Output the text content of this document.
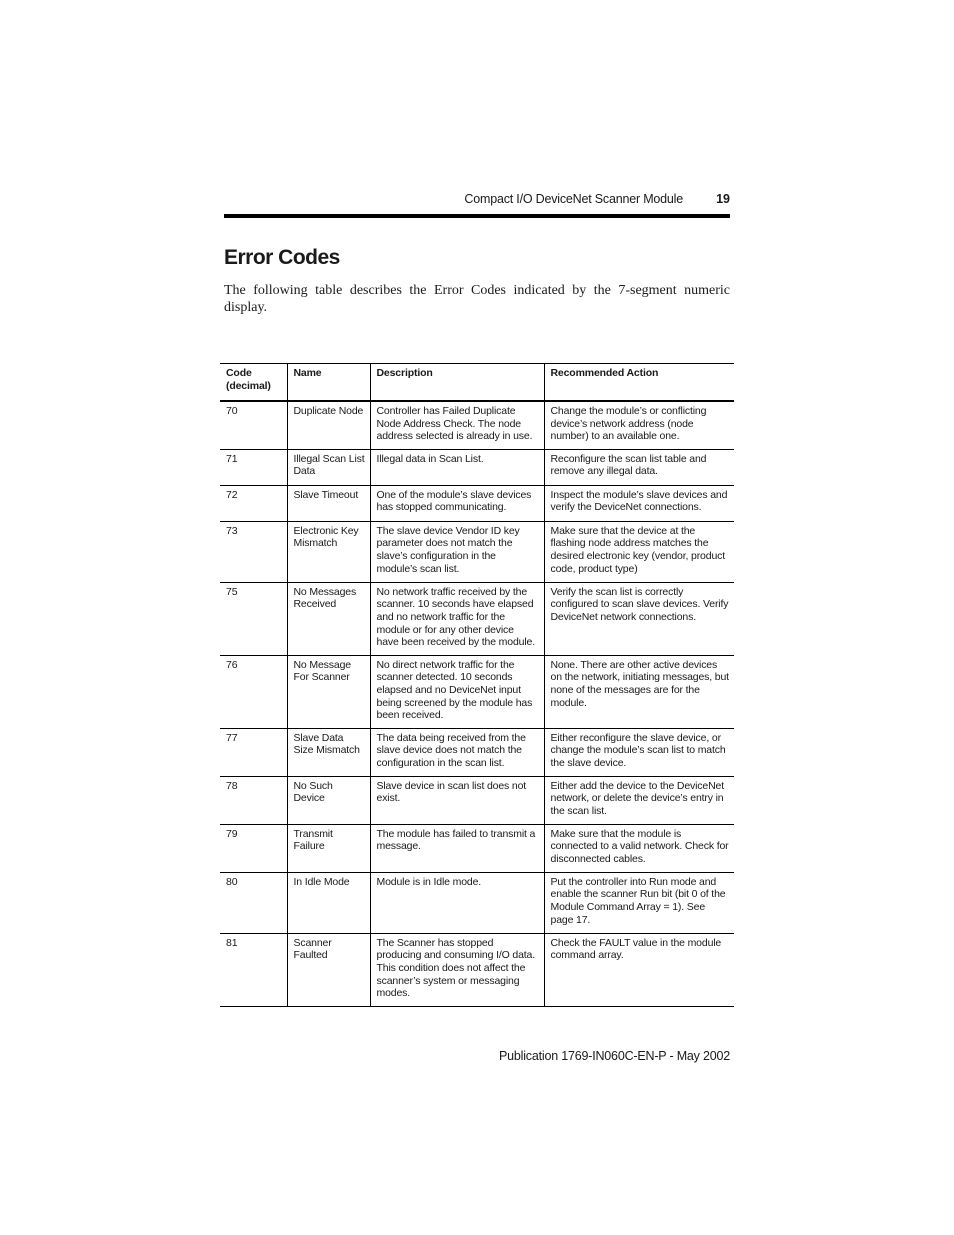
Compact I/O DeviceNet Scanner Module	19
Error Codes

The following table describes the Error Codes indicated by the 7-segment numeric display.

Code (decimal)	Name	Description	Recommended Action
70	Duplicate Node	Controller has Failed Duplicate Node Address Check. The node address selected is already in use.	Change the module’s or conflicting device’s network address (node number) to an available one.
71	Illegal Scan List Data	Illegal data in Scan List.	Reconfigure the scan list table and remove any illegal data.
72	Slave Timeout	One of the module’s slave devices has stopped communicating.	Inspect the module’s slave devices and verify the DeviceNet connections.
73	Electronic Key Mismatch	The slave device Vendor ID key parameter does not match the slave’s configuration in the module’s scan list.	Make sure that the device at the flashing node address matches the desired electronic key (vendor, product code, product type)
75	No Messages Received	No network traffic received by the scanner. 10 seconds have elapsed and no network traffic for the module or for any other device have been received by the module.	Verify the scan list is correctly configured to scan slave devices. Verify DeviceNet network connections.
76	No Message For Scanner	No direct network traffic for the scanner detected. 10 seconds elapsed and no DeviceNet input being screened by the module has been received.	None. There are other active devices on the network, initiating messages, but none of the messages are for the module.
77	Slave Data Size Mismatch	The data being received from the slave device does not match the configuration in the scan list.	Either reconfigure the slave device, or change the module’s scan list to match the slave device.
78	No Such Device	Slave device in scan list does not exist.	Either add the device to the DeviceNet network, or delete the device’s entry in the scan list.
79	Transmit Failure	The module has failed to transmit a message.	Make sure that the module is connected to a valid network. Check for disconnected cables.
80	In Idle Mode	Module is in Idle mode.	Put the controller into Run mode and enable the scanner Run bit (bit 0 of the Module Command Array = 1). See page 17.
81	Scanner Faulted	The Scanner has stopped producing and consuming I/O data. This condition does not affect the scanner’s system or messaging modes.	Check the FAULT value in the module command array.
Publication 1769-IN060C-EN-P - May 2002
